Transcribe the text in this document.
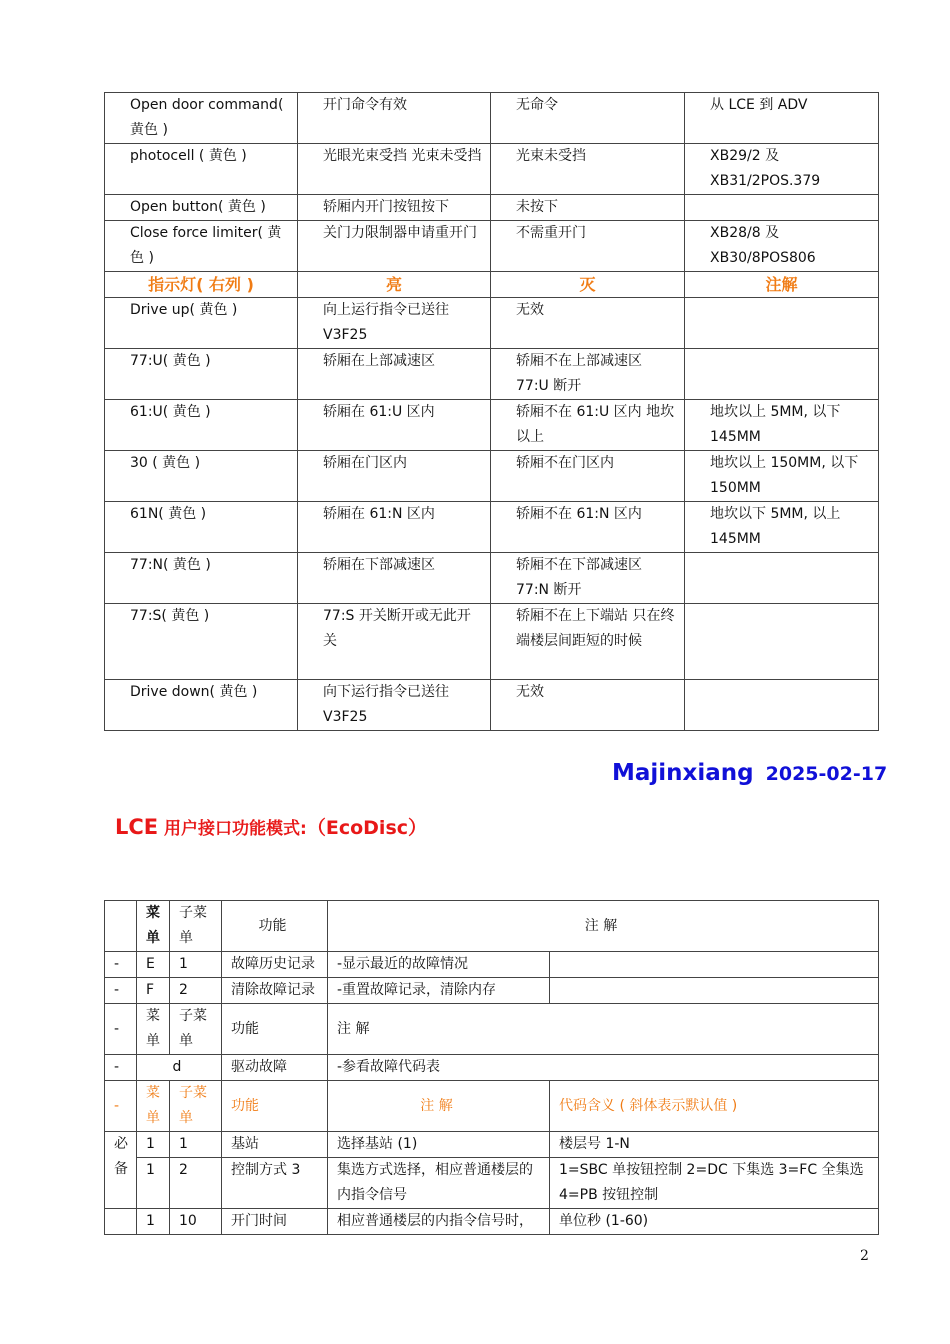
Open door command( 黄色 )	开门命令有效	无命令	从 LCE 到 ADV
photocell ( 黄色 )	光眼光束受挡 光束未受挡	光束未受挡	XB29/2 及 XB31/2POS.379
Open button( 黄色 )	轿厢内开门按钮按下	未按下	
Close force limiter( 黄色 )	关门力限制器申请重开门	不需重开门	XB28/8 及 XB30/8POS806
指示灯( 右列 )	亮	灭	注解
Drive up( 黄色 )	向上运行指令已送往 V3F25	无效	
77:U( 黄色 )	轿厢在上部减速区	轿厢不在上部减速区 77:U 断开	
61:U( 黄色 )	轿厢在 61:U 区内	轿厢不在 61:U 区内 地坎以上	地坎以上 5MM, 以下 145MM
30 ( 黄色 )	轿厢在门区内	轿厢不在门区内	地坎以上 150MM, 以下 150MM
61N( 黄色 )	轿厢在 61:N 区内	轿厢不在 61:N 区内	地坎以下 5MM, 以上 145MM
77:N( 黄色 )	轿厢在下部减速区	轿厢不在下部减速区 77:N 断开	
77:S( 黄色 )	77:S 开关断开或无此开关	轿厢不在上下端站 只在终端楼层间距短的时候	
Drive down( 黄色 )	向下运行指令已送往 V3F25	无效	
Majinxiang 2025-02-17
LCE 用户接口功能模式:（EcoDisc）
	菜单	子菜单	功能	注 解	
-	E	1	故障历史记录	-显示最近的故障情况	
-	F	2	清除故障记录	-重置故障记录，清除内存	
-	菜单	子菜单	功能	注 解	
-	d		驱动故障	-参看故障代码表	
-	菜单	子菜单	功能	注 解	代码含义 ( 斜体表示默认值 )
必备	1	1	基站	选择基站 (1)	楼层号 1-N
	1	2	控制方式 3	集选方式选择，相应普通楼层的内指令信号	1=SBC 单按钮控制 2=DC 下集选 3=FC 全集选 4=PB 按钮控制
	1	10	开门时间	相应普通楼层的内指令信号时，	单位秒 (1-60)
2
